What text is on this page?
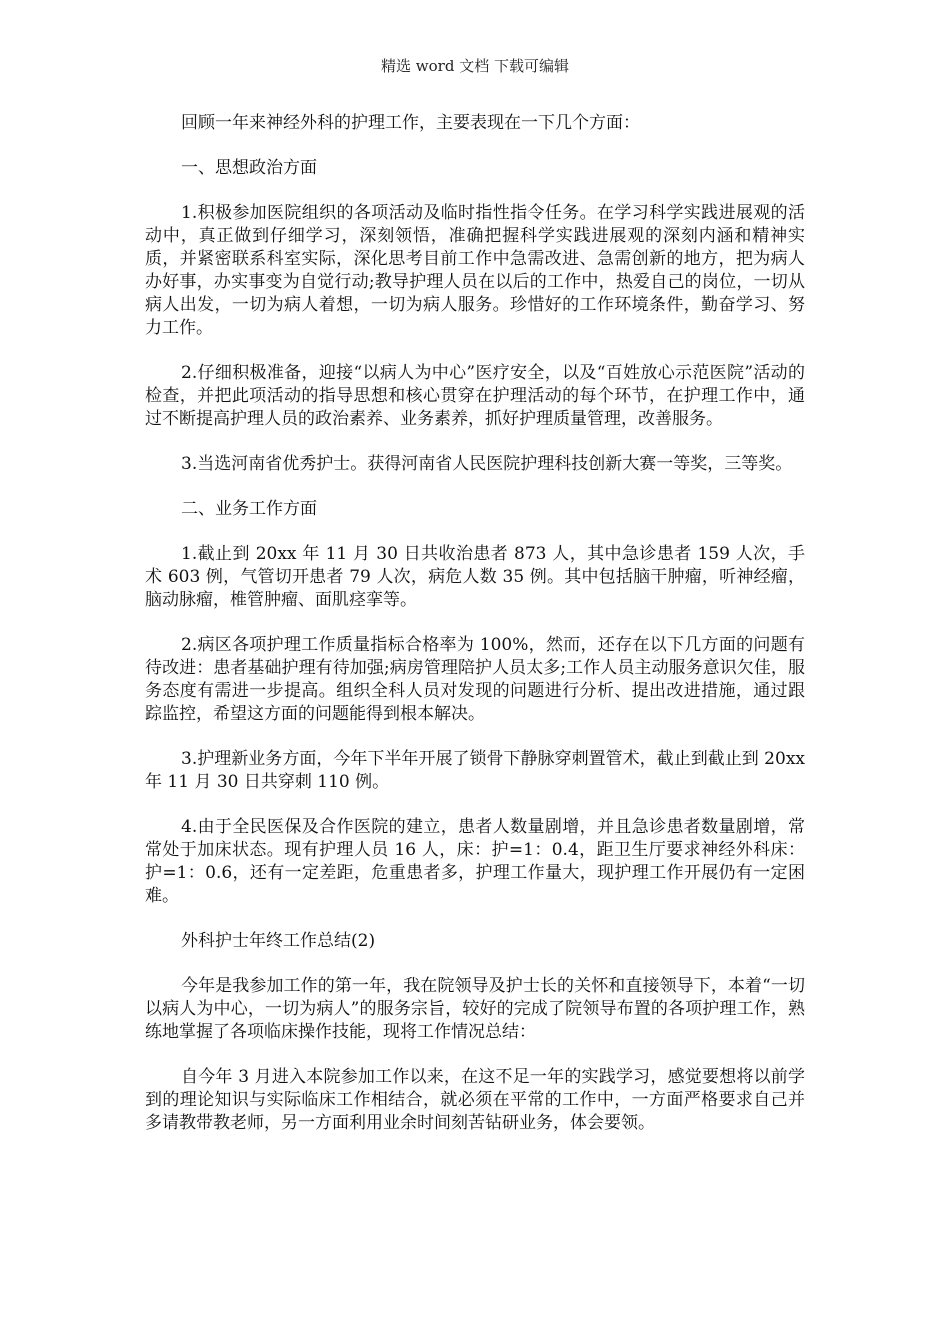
精选 word 文档 下载可编辑

回顾一年来神经外科的护理工作，主要表现在一下几个方面：

一、思想政治方面

1.积极参加医院组织的各项活动及临时指性指令任务。在学习科学实践进展观的活动中，真正做到仔细学习，深刻领悟，准确把握科学实践进展观的深刻内涵和精神实质，并紧密联系科室实际，深化思考目前工作中急需改进、急需创新的地方，把为病人办好事，办实事变为自觉行动;教导护理人员在以后的工作中，热爱自己的岗位，一切从病人出发，一切为病人着想，一切为病人服务。珍惜好的工作环境条件，勤奋学习、努力工作。

2.仔细积极准备，迎接“以病人为中心”医疗安全，以及“百姓放心示范医院”活动的检查，并把此项活动的指导思想和核心贯穿在护理活动的每个环节，在护理工作中，通过不断提高护理人员的政治素养、业务素养，抓好护理质量管理，改善服务。

3.当选河南省优秀护士。获得河南省人民医院护理科技创新大赛一等奖，三等奖。

二、业务工作方面

1.截止到 20xx 年 11 月 30 日共收治患者 873 人，其中急诊患者 159 人次，手术 603 例，气管切开患者 79 人次，病危人数 35 例。其中包括脑干肿瘤，听神经瘤，脑动脉瘤，椎管肿瘤、面肌痉挛等。

2.病区各项护理工作质量指标合格率为 100%，然而，还存在以下几方面的问题有待改进：患者基础护理有待加强;病房管理陪护人员太多;工作人员主动服务意识欠佳，服务态度有需进一步提高。组织全科人员对发现的问题进行分析、提出改进措施，通过跟踪监控，希望这方面的问题能得到根本解决。

3.护理新业务方面，今年下半年开展了锁骨下静脉穿刺置管术，截止到截止到 20xx 年 11 月 30 日共穿刺 110 例。

4.由于全民医保及合作医院的建立，患者人数量剧增，并且急诊患者数量剧增，常常处于加床状态。现有护理人员 16 人，床：护=1：0.4，距卫生厅要求神经外科床：护=1：0.6，还有一定差距，危重患者多，护理工作量大，现护理工作开展仍有一定困难。

外科护士年终工作总结(2)

今年是我参加工作的第一年，我在院领导及护士长的关怀和直接领导下，本着“一切以病人为中心，一切为病人”的服务宗旨，较好的完成了院领导布置的各项护理工作，熟练地掌握了各项临床操作技能，现将工作情况总结：

自今年 3 月进入本院参加工作以来，在这不足一年的实践学习，感觉要想将以前学到的理论知识与实际临床工作相结合，就必须在平常的工作中，一方面严格要求自己并多请教带教老师，另一方面利用业余时间刻苦钻研业务，体会要领。
